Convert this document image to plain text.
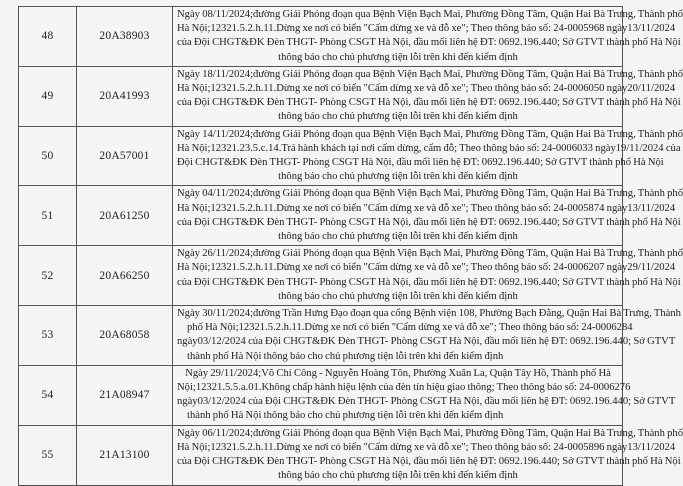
48	20A38903	Ngày 08/11/2024;đường Giải Phóng đoạn qua Bệnh Viện Bạch Mai, Phường Đồng Tâm, Quận Hai Bà Trưng, Thành phố
Hà Nội;12321.5.2.h.11.Dừng xe nơi có biển "Cấm dừng xe và đỗ xe"; Theo thông báo số: 24-0005968 ngày13/11/2024
của Đội CHGT&ĐK Đèn THGT- Phòng CSGT Hà Nội, đầu mối liên hệ ĐT: 0692.196.440; Sở GTVT thành phố Hà Nội
thông báo cho chủ phương tiện lỗi trên khi đến kiểm định

49	20A41993	Ngày 18/11/2024;đường Giải Phóng đoạn qua Bệnh Viện Bạch Mai, Phường Đồng Tâm, Quận Hai Bà Trưng, Thành phố
Hà Nội;12321.5.2.h.11.Dừng xe nơi có biển "Cấm dừng xe và đỗ xe"; Theo thông báo số: 24-0006050 ngày20/11/2024
của Đội CHGT&ĐK Đèn THGT- Phòng CSGT Hà Nội, đầu mối liên hệ ĐT: 0692.196.440; Sở GTVT thành phố Hà Nội
thông báo cho chủ phương tiện lỗi trên khi đến kiểm định

50	20A57001	Ngày 14/11/2024;đường Giải Phóng đoạn qua Bệnh Viện Bạch Mai, Phường Đồng Tâm, Quận Hai Bà Trưng, Thành phố
Hà Nội;12321.23.5.c.14.Trả hành khách tại nơi cấm dừng, cấm đỗ; Theo thông báo số: 24-0006033 ngày19/11/2024 của
Đội CHGT&ĐK Đèn THGT- Phòng CSGT Hà Nội, đầu mối liên hệ ĐT: 0692.196.440; Sở GTVT thành phố Hà Nội
thông báo cho chủ phương tiện lỗi trên khi đến kiểm định

51	20A61250	Ngày 04/11/2024;đường Giải Phóng đoạn qua Bệnh Viện Bạch Mai, Phường Đồng Tâm, Quận Hai Bà Trưng, Thành phố
Hà Nội;12321.5.2.h.11.Dừng xe nơi có biển "Cấm dừng xe và đỗ xe"; Theo thông báo số: 24-0005874 ngày13/11/2024
của Đội CHGT&ĐK Đèn THGT- Phòng CSGT Hà Nội, đầu mối liên hệ ĐT: 0692.196.440; Sở GTVT thành phố Hà Nội
thông báo cho chủ phương tiện lỗi trên khi đến kiểm định

52	20A66250	Ngày 26/11/2024;đường Giải Phóng đoạn qua Bệnh Viện Bạch Mai, Phường Đồng Tâm, Quận Hai Bà Trưng, Thành phố
Hà Nội;12321.5.2.h.11.Dừng xe nơi có biển "Cấm dừng xe và đỗ xe"; Theo thông báo số: 24-0006207 ngày29/11/2024
của Đội CHGT&ĐK Đèn THGT- Phòng CSGT Hà Nội, đầu mối liên hệ ĐT: 0692.196.440; Sở GTVT thành phố Hà Nội
thông báo cho chủ phương tiện lỗi trên khi đến kiểm định

53	20A68058	Ngày 30/11/2024;đường Trần Hưng Đạo đoạn qua cổng Bệnh viện 108, Phường Bạch Đằng, Quận Hai Bà Trưng, Thành
phố Hà Nội;12321.5.2.h.11.Dừng xe nơi có biển "Cấm dừng xe và đỗ xe"; Theo thông báo số: 24-0006284
ngày03/12/2024 của Đội CHGT&ĐK Đèn THGT- Phòng CSGT Hà Nội, đầu mối liên hệ ĐT: 0692.196.440; Sở GTVT
thành phố Hà Nội thông báo cho chủ phương tiện lỗi trên khi đến kiểm định

54	21A08947	Ngày 29/11/2024;Võ Chí Công - Nguyễn Hoàng Tôn, Phường Xuân La, Quận Tây Hồ, Thành phố Hà
Nội;12321.5.5.a.01.Không chấp hành hiệu lệnh của đèn tín hiệu giao thông; Theo thông báo số: 24-0006276
ngày03/12/2024 của Đội CHGT&ĐK Đèn THGT- Phòng CSGT Hà Nội, đầu mối liên hệ ĐT: 0692.196.440; Sở GTVT
thành phố Hà Nội thông báo cho chủ phương tiện lỗi trên khi đến kiểm định

55	21A13100	Ngày 06/11/2024;đường Giải Phóng đoạn qua Bệnh Viện Bạch Mai, Phường Đồng Tâm, Quận Hai Bà Trưng, Thành phố
Hà Nội;12321.5.2.h.11.Dừng xe nơi có biển "Cấm dừng xe và đỗ xe"; Theo thông báo số: 24-0005896 ngày13/11/2024
của Đội CHGT&ĐK Đèn THGT- Phòng CSGT Hà Nội, đầu mối liên hệ ĐT: 0692.196.440; Sở GTVT thành phố Hà Nội
thông báo cho chủ phương tiện lỗi trên khi đến kiểm định
